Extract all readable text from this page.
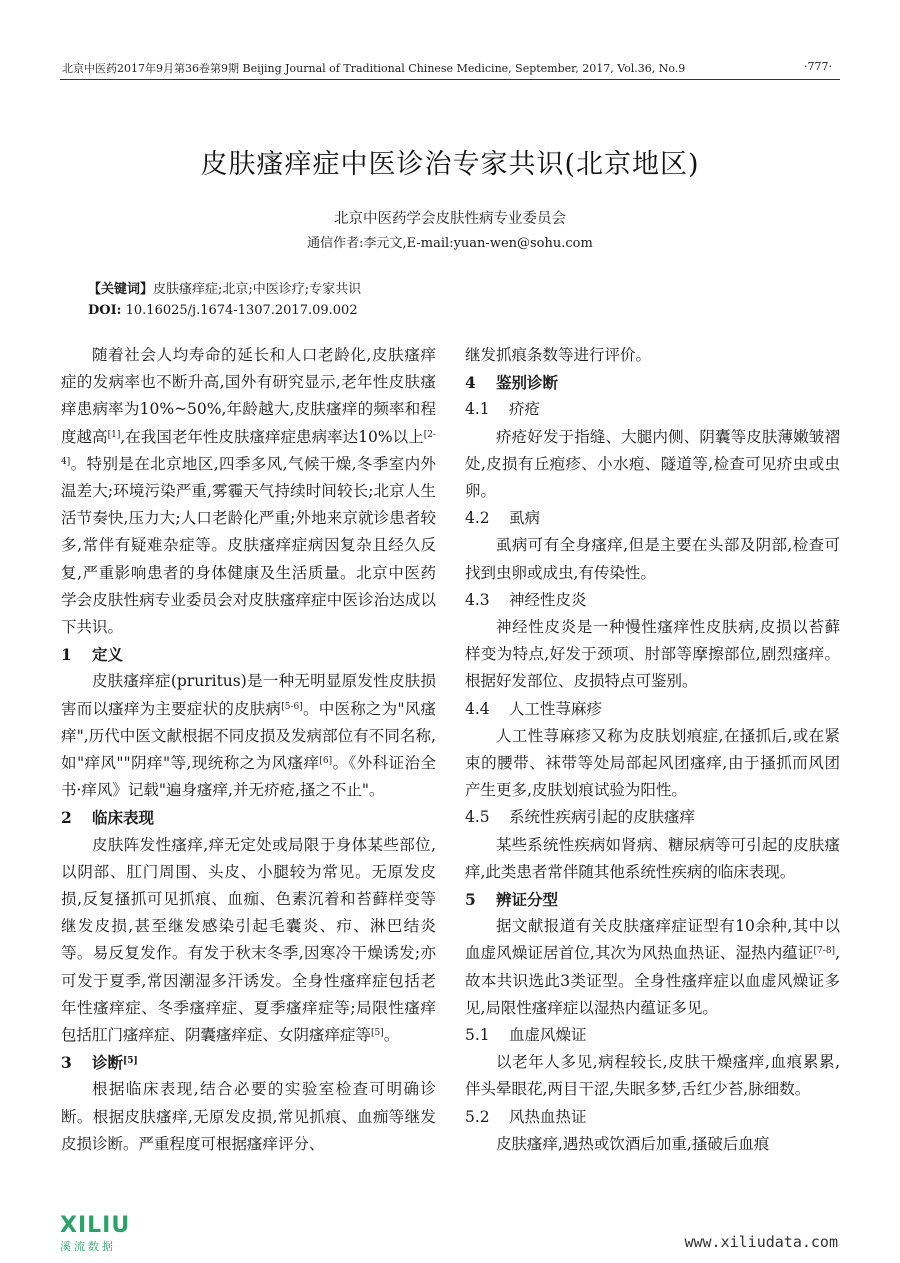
北京中医药2017年9月第36卷第9期 Beijing Journal of Traditional Chinese Medicine, September, 2017, Vol.36, No.9	·777·
皮肤瘙痒症中医诊治专家共识(北京地区)
北京中医药学会皮肤性病专业委员会
通信作者:李元文,E-mail:yuan-wen@sohu.com
【关键词】皮肤瘙痒症;北京;中医诊疗;专家共识
DOI: 10.16025/j.1674-1307.2017.09.002

随着社会人均寿命的延长和人口老龄化,皮肤瘙痒症的发病率也不断升高,国外有研究显示,老年性皮肤瘙痒患病率为10%~50%,年龄越大,皮肤瘙痒的频率和程度越高[1],在我国老年性皮肤瘙痒症患病率达10%以上[2-4]。特别是在北京地区,四季多风,气候干燥,冬季室内外温差大;环境污染严重,雾霾天气持续时间较长;北京人生活节奏快,压力大;人口老龄化严重;外地来京就诊患者较多,常伴有疑难杂症等。皮肤瘙痒症病因复杂且经久反复,严重影响患者的身体健康及生活质量。北京中医药学会皮肤性病专业委员会对皮肤瘙痒症中医诊治达成以下共识。

1 定义

皮肤瘙痒症(pruritus)是一种无明显原发性皮肤损害而以瘙痒为主要症状的皮肤病[5-6]。中医称之为"风瘙痒",历代中医文献根据不同皮损及发病部位有不同名称,如"痒风""阴痒"等,现统称之为风瘙痒[6]。《外科证治全书·痒风》记载"遍身瘙痒,并无疥疮,搔之不止"。

2 临床表现

皮肤阵发性瘙痒,痒无定处或局限于身体某些部位,以阴部、肛门周围、头皮、小腿较为常见。无原发皮损,反复搔抓可见抓痕、血痂、色素沉着和苔藓样变等继发皮损,甚至继发感染引起毛囊炎、疖、淋巴结炎等。易反复发作。有发于秋末冬季,因寒冷干燥诱发;亦可发于夏季,常因潮湿多汗诱发。全身性瘙痒症包括老年性瘙痒症、冬季瘙痒症、夏季瘙痒症等;局限性瘙痒包括肛门瘙痒症、阴囊瘙痒症、女阴瘙痒症等[5]。

3 诊断[5]

根据临床表现,结合必要的实验室检查可明确诊断。根据皮肤瘙痒,无原发皮损,常见抓痕、血痂等继发皮损诊断。严重程度可根据瘙痒评分、

继发抓痕条数等进行评价。

4 鉴别诊断

4.1 疥疮

疥疮好发于指缝、大腿内侧、阴囊等皮肤薄嫩皱褶处,皮损有丘疱疹、小水疱、隧道等,检查可见疥虫或虫卵。

4.2 虱病

虱病可有全身瘙痒,但是主要在头部及阴部,检查可找到虫卵或成虫,有传染性。

4.3 神经性皮炎

神经性皮炎是一种慢性瘙痒性皮肤病,皮损以苔藓样变为特点,好发于颈项、肘部等摩擦部位,剧烈瘙痒。根据好发部位、皮损特点可鉴别。

4.4 人工性荨麻疹

人工性荨麻疹又称为皮肤划痕症,在搔抓后,或在紧束的腰带、袜带等处局部起风团瘙痒,由于搔抓而风团产生更多,皮肤划痕试验为阳性。

4.5 系统性疾病引起的皮肤瘙痒

某些系统性疾病如肾病、糖尿病等可引起的皮肤瘙痒,此类患者常伴随其他系统性疾病的临床表现。

5 辨证分型

据文献报道有关皮肤瘙痒症证型有10余种,其中以血虚风燥证居首位,其次为风热血热证、湿热内蕴证[7-8],故本共识选此3类证型。全身性瘙痒症以血虚风燥证多见,局限性瘙痒症以湿热内蕴证多见。

5.1 血虚风燥证

以老年人多见,病程较长,皮肤干燥瘙痒,血痕累累,伴头晕眼花,两目干涩,失眠多梦,舌红少苔,脉细数。

5.2 风热血热证

皮肤瘙痒,遇热或饮酒后加重,搔破后血痕

XILIU
溪流数据	www.xiliudata.com
